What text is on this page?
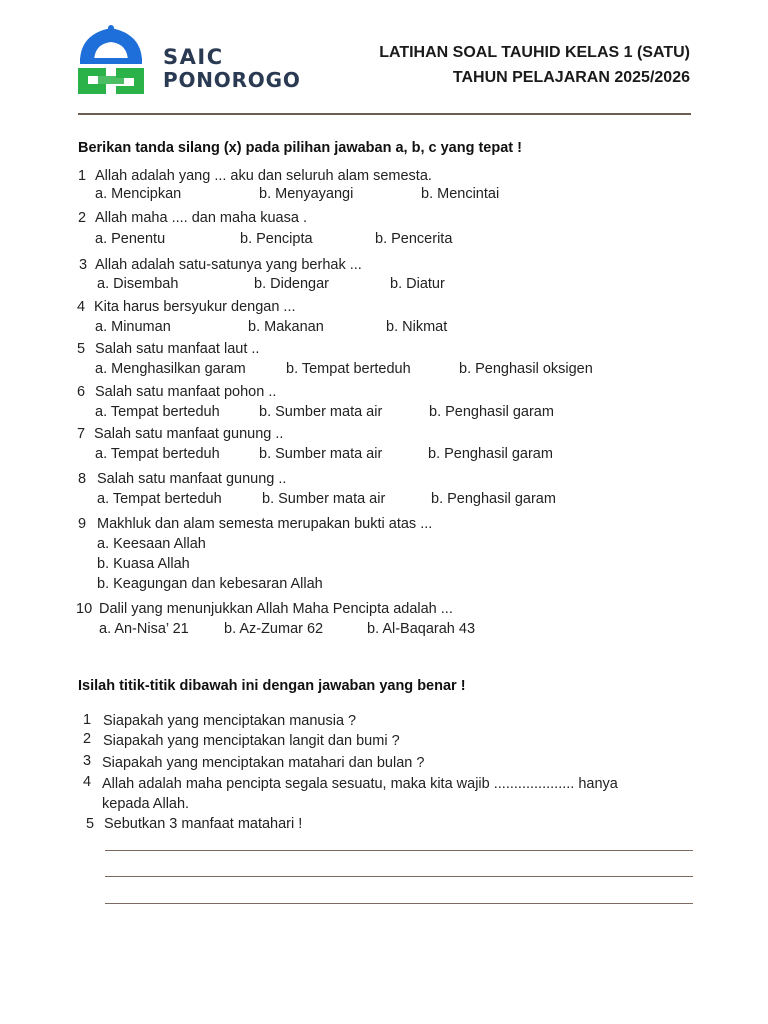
SAIC
PONOROGO
LATIHAN SOAL TAUHID KELAS 1 (SATU)
TAHUN PELAJARAN 2025/2026
Berikan tanda silang (x) pada pilihan jawaban a, b, c yang tepat !
1 Allah adalah yang ... aku dan seluruh alam semesta.
a. Mencipkan	b. Menyayangi	b. Mencintai
2 Allah maha .... dan maha kuasa .
a. Penentu	b. Pencipta	b. Pencerita
3 Allah adalah satu-satunya yang berhak ...
a. Disembah	b. Didengar	b. Diatur
4 Kita harus bersyukur dengan ...
a. Minuman	b. Makanan	b. Nikmat
5 Salah satu manfaat laut ..
a. Menghasilkan garam	b. Tempat berteduh	b. Penghasil oksigen
6 Salah satu manfaat pohon ..
a. Tempat berteduh	b. Sumber mata air	b. Penghasil garam
7 Salah satu manfaat gunung ..
a. Tempat berteduh	b. Sumber mata air	b. Penghasil garam
8 Salah satu manfaat gunung ..
a. Tempat berteduh	b. Sumber mata air	b. Penghasil garam
9 Makhluk dan alam semesta merupakan bukti atas ...
a. Keesaan Allah
b. Kuasa Allah
b. Keagungan dan kebesaran Allah
10 Dalil yang menunjukkan Allah Maha Pencipta adalah ...
a. An-Nisa’ 21 b. Az-Zumar 62	b. Al-Baqarah 43
Isilah titik-titik dibawah ini dengan jawaban yang benar !
1 Siapakah yang menciptakan manusia ?
2 Siapakah yang menciptakan langit dan bumi ?
3 Siapakah yang menciptakan matahari dan bulan ?
4 Allah adalah maha pencipta segala sesuatu, maka kita wajib .................... hanya
kepada Allah.
5 Sebutkan 3 manfaat matahari !
